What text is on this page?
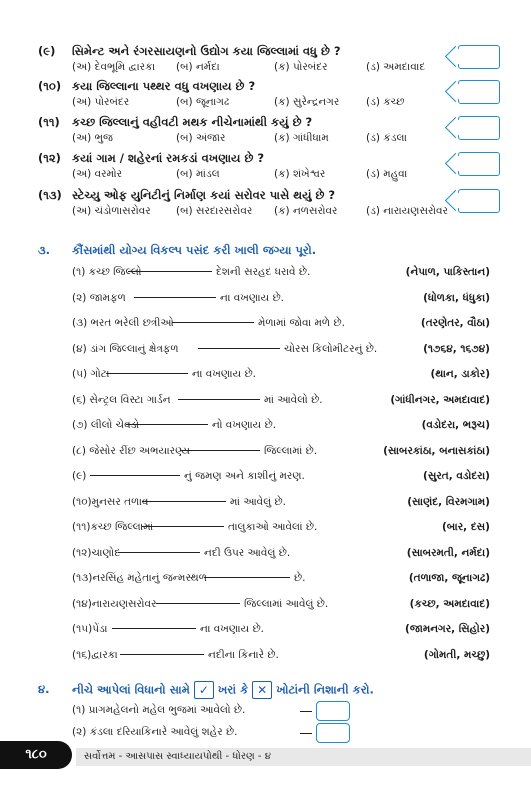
(૯) સિમેન્ટ અને રંગરસાયણનો ઉદ્યોગ કયા જિલ્લામાં વધુ છે ?
(અ) દેવભૂમિ દ્વારકા (બ) નર્મદા	(ક) પોરબંદર	(ડ) અમદાવાદ
(૧૦) કયા જિલ્લાના પથ્થર વધુ વખણાય છે ?
(અ) પોરબંદર	(બ) જૂનાગઢ	(ક) સુરેન્દ્રનગર	(ડ) કચ્છ
(૧૧) કચ્છ જિલ્લાનું વહીવટી મથક નીચેનામાંથી કયું છે ?
(અ) ભુજ	(બ) અંજાર	(ક) ગાંધીધામ	(ડ) કંડલા
(૧૨) કયાં ગામ / શહેરનાં રમકડાં વખણાય છે ?
(અ) વરમોર	(બ) માંડલ	(ક) શંખેશ્વર	(ડ) મહુવા
(૧૩) સ્ટેચ્યુ ઓફ યુનિટીનું નિર્માણ કયાં સરોવર પાસે થયું છે ?
(અ) ચંડોળાસરોવર (બ) સરદારસરોવર (ક) નળસરોવર	(ડ) નારાયણસરોવર
૩. કૌંસમાંથી યોગ્ય વિકલ્પ પસંદ કરી ખાલી જગ્યા પૂરો.
(૧) કચ્છ જિલ્લો	દેશની સરહદ ધરાવે છે.	(નેપાળ, પાકિસ્તાન)
(૨) જામફળ	ના વખણાય છે.	(ધોળકા, ધંધુકા)
(૩) ભરત ભરેલી છત્રીઓ	મેળામાં જોવા મળે છે.	(તરણેતર, વૌઠા)
(૪) ડાંગ જિલ્લાનું ક્ષેત્રફળ	ચોરસ કિલોમીટરનું છે.	(૧૭૬૪, ૧૬૭૪)
(૫) ગોટા	ના વખણાય છે.	(થાન, ડાકોર)
(૬) સેન્ટ્રલ વિસ્ટા ગાર્ડન	માં આવેલો છે.	(ગાંધીનગર, અમદાવાદ)
(૭) લીલો ચેવડો	નો વખણાય છે.	(વડોદરા, ભરૂચ)
(૮) જેસોર રીંછ અભયારણ્ય	જિલ્લામાં છે.	(સાબરકાંઠા, બનાસકાંઠા)
(૯)	નું જમણ અને કાશીનું મરણ.	(સુરત, વડોદરા)
(૧૦)મુનસર તળાવ	માં આવેલું છે.	(સાણંદ, વિરમગામ)
(૧૧)કચ્છ જિલ્લામાં	તાલુકાઓ આવેલાં છે.	(બાર, દસ)
(૧૨)ચાણોદ	નદી ઉપર આવેલું છે.	(સાબરમતી, નર્મદા)
(૧૩)નરસિંહ મહેતાનું જન્મસ્થળ	છે.	(તળાજા, જૂનાગઢ)
(૧૪)નારાયણસરોવર	જિલ્લામાં આવેલું છે.	(કચ્છ, અમદાવાદ)
(૧૫)પેંડા	ના વખણાય છે.	(જામનગર, સિહોર)
(૧૬)દ્વારકા	નદીના કિનારે છે.	(ગોમતી, મચ્છુ)
૪. નીચે આપેલાં વિધાનો સામે ✓ ખરાં કે ✕ ખોટાંની નિશાની કરો.
(૧) પ્રાગમહેલનો મહેલ ભુજમાં આવેલો છે.
(૨) કંડલા દરિયાકિનારે આવેલું શહેર છે.
૧૮૦	સર્વોત્તમ - આસપાસ સ્વાધ્યાયપોથી - ધોરણ - ૪
